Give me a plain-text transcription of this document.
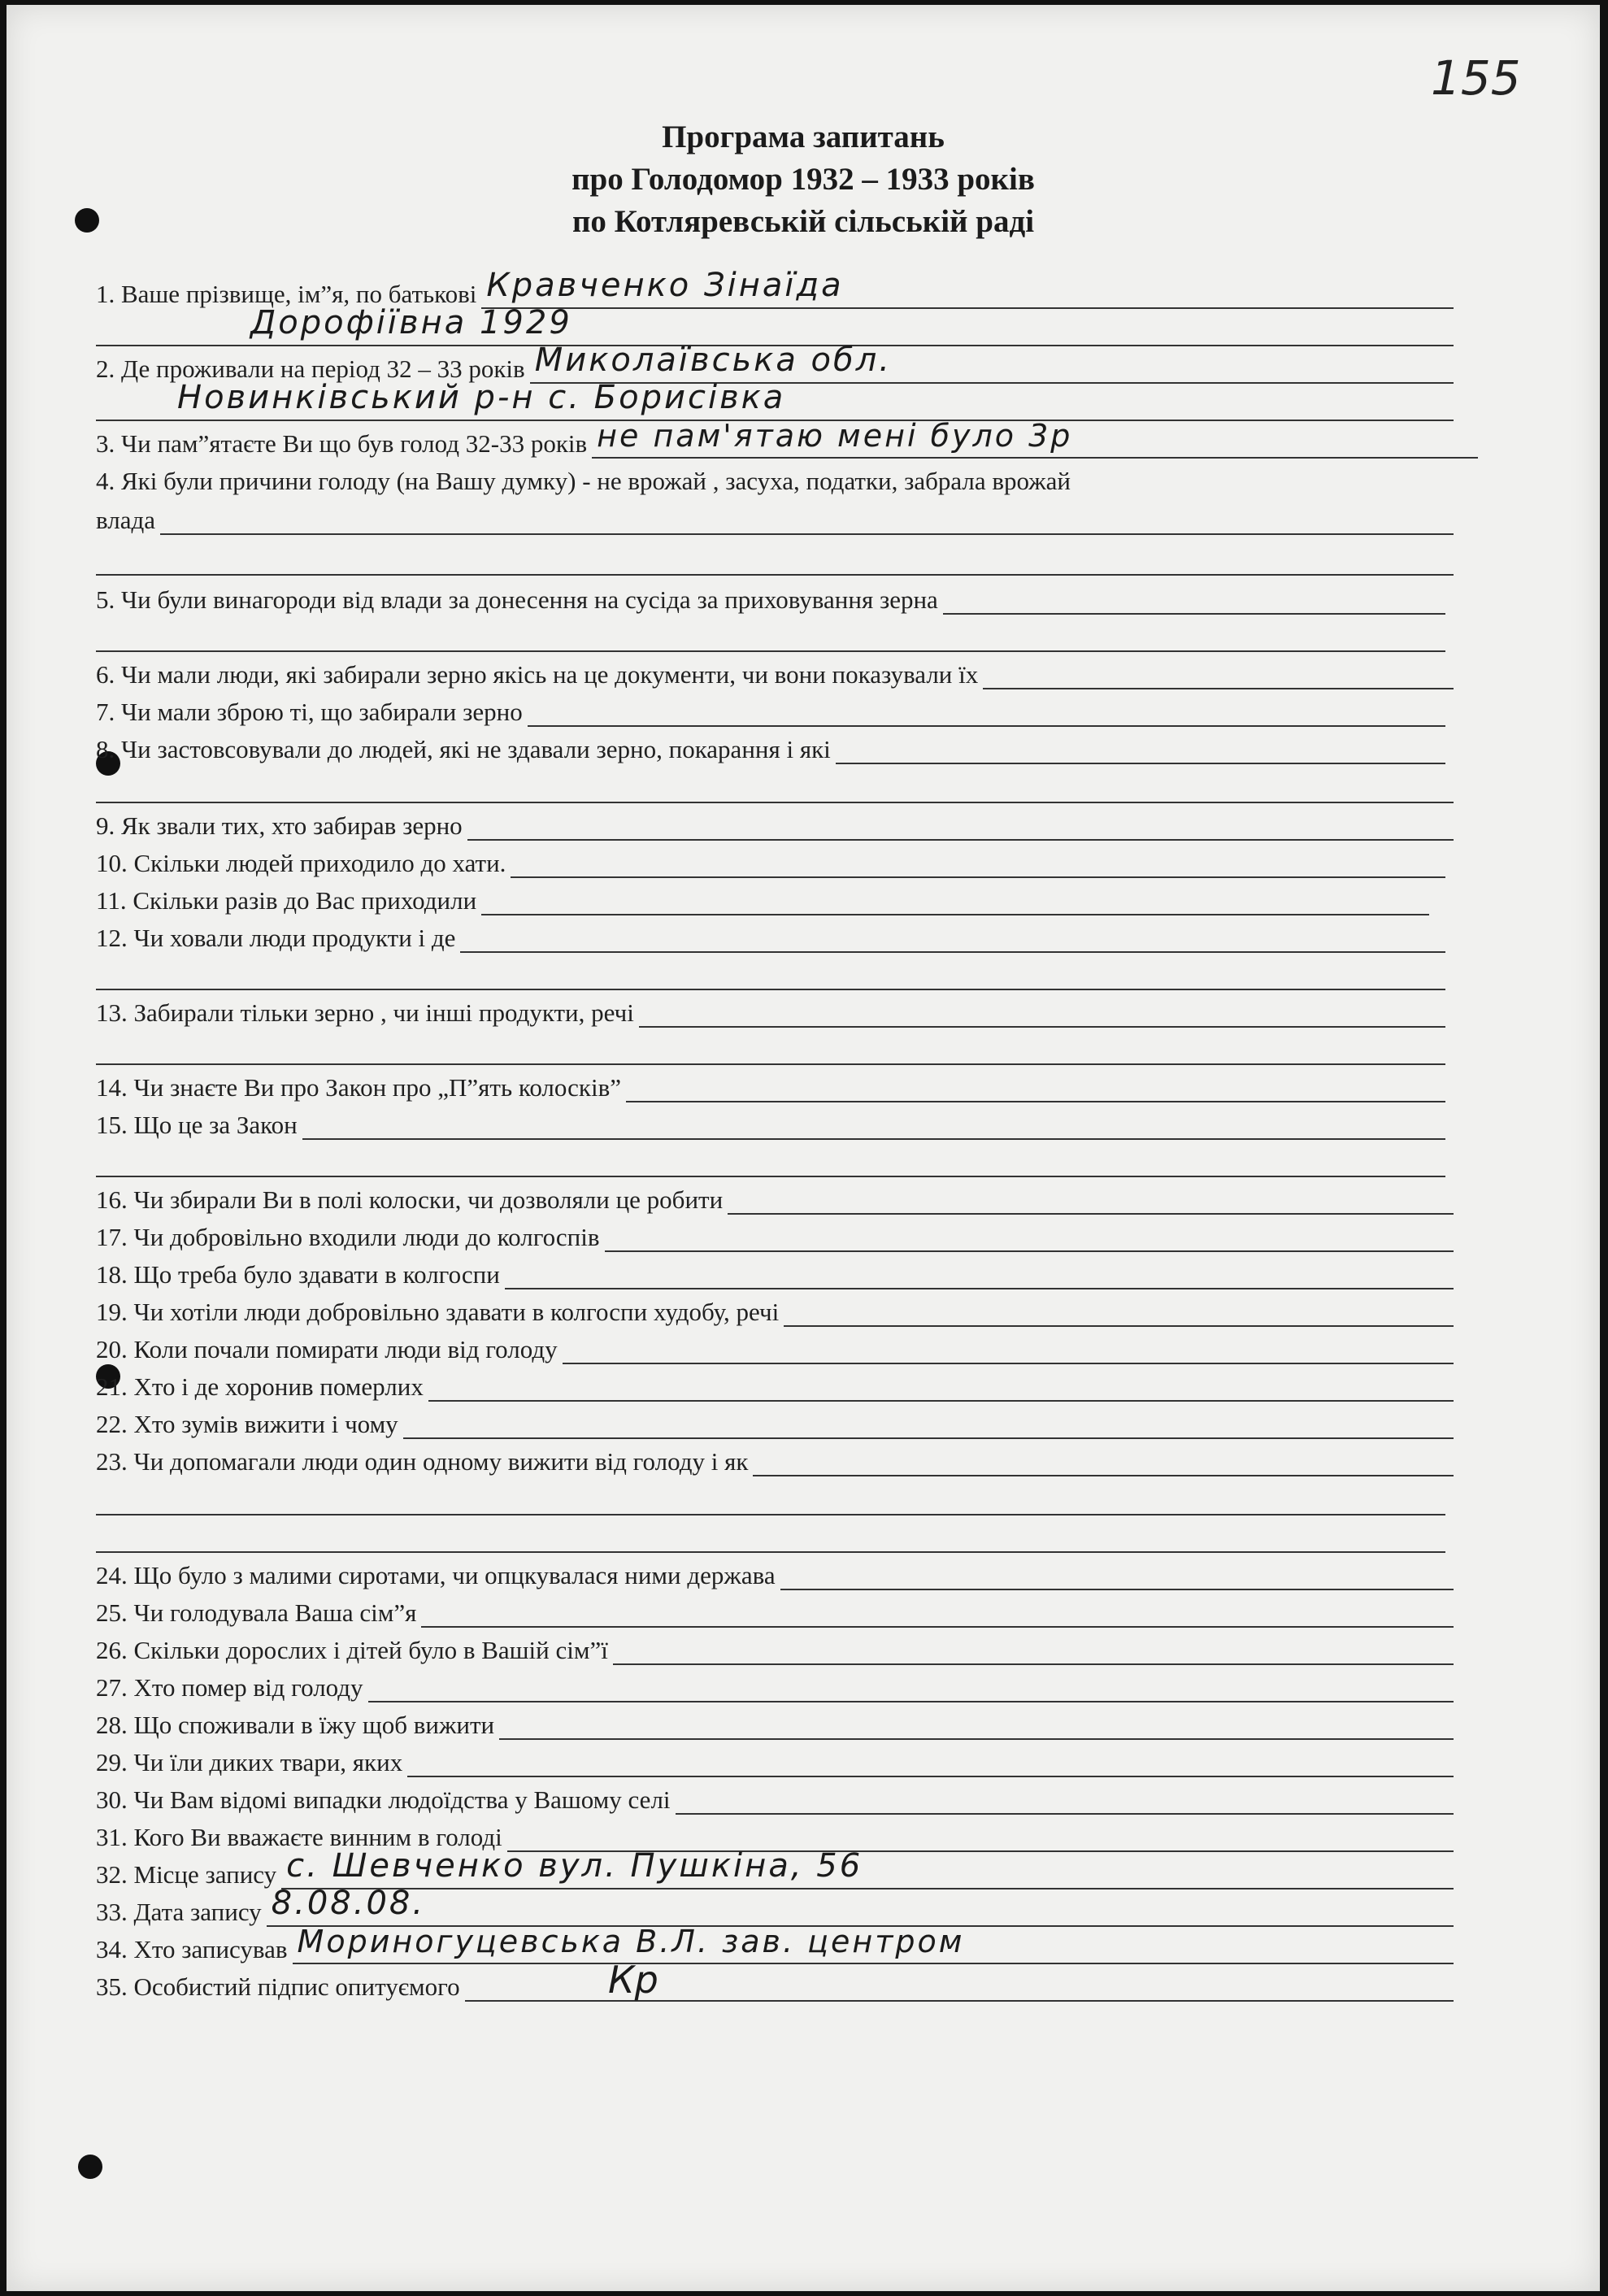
155
Програма запитань
про Голодомор 1932 – 1933 років
по Котляревській сільській раді
1. Ваше прізвище, ім”я, по батькові Кравченко Зінаїда
Дорофіївна 1929
2. Де проживали на період 32 – 33 років Миколаївська обл.
Новинківський р-н с. Борисівка
3. Чи пам”ятаєте Ви що був голод 32-33 років не пам'ятаю мені було 3р
4. Які були причини голоду (на Вашу думку) - не врожай , засуха, податки, забрала врожай
влада
5. Чи були винагороди від влади за донесення на сусіда за приховування зерна
6. Чи мали люди, які забирали зерно якісь на це документи, чи вони показували їх
7. Чи мали зброю ті, що забирали зерно
8. Чи застовсовували до людей, які не здавали зерно, покарання і які
9. Як звали тих, хто забирав зерно
10. Скільки людей приходило до хати.
11. Скільки разів до Вас приходили
12. Чи ховали люди продукти і де
13. Забирали тільки зерно , чи інші продукти, речі
14. Чи знаєте Ви про Закон про „П”ять колосків”
15. Що це за Закон
16. Чи збирали Ви в полі колоски, чи дозволяли це робити
17. Чи добровільно входили люди до колгоспів
18. Що треба було здавати в колгоспи
19. Чи хотіли люди добровільно здавати в колгоспи худобу, речі
20. Коли почали помирати люди від голоду
21. Хто і де хоронив померлих
22. Хто зумів вижити і чому
23. Чи допомагали люди один одному вижити від голоду і як
24. Що було з малими сиротами, чи опцкувалася ними держава
25. Чи голодувала Ваша сім”я
26. Скільки дорослих і дітей було в Вашій сім”ї
27. Хто помер від голоду
28. Що споживали в їжу щоб вижити
29. Чи їли диких твари, яких
30. Чи Вам відомі випадки людоїдства у Вашому селі
31. Кого Ви вважаєте винним в голоді
32. Місце запису с. Шевченко вул. Пушкіна, 56
33. Дата запису 8.08.08.
34. Хто записував Мориногуцевська В.Л. зав. центром
35. Особистий підпис опитуємого	Кр
